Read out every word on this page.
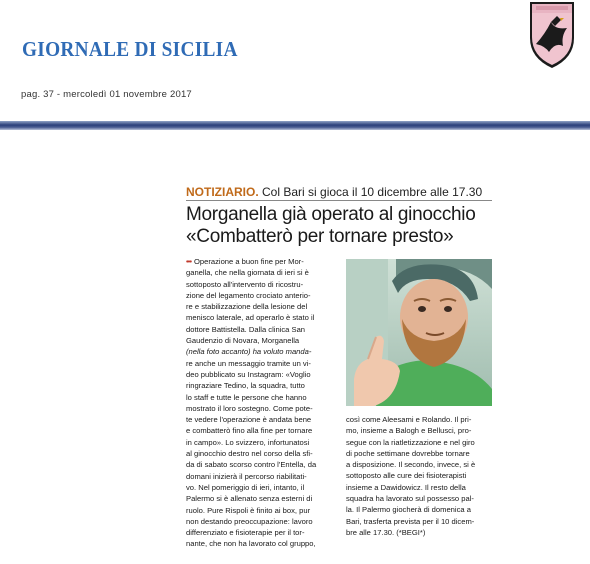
GIORNALE DI SICILIA
pag. 37 - mercoledì 01 novembre 2017
NOTIZIARIO. Col Bari si gioca il 10 dicembre alle 17.30
Morganella già operato al ginocchio
«Combatterò per tornare presto»
••• Operazione a buon fine per Mor-
ganella, che nella giornata di ieri si è
sottoposto all'intervento di ricostru-
zione del legamento crociato anterio-
re e stabilizzazione della lesione del
menisco laterale, ad operarlo è stato il
dottore Battistella. Dalla clinica San
Gaudenzio di Novara, Morganella
(nella foto accanto) ha voluto manda-
re anche un messaggio tramite un vi-
deo pubblicato su Instagram: «Voglio
ringraziare Tedino, la squadra, tutto
lo staff e tutte le persone che hanno
mostrato il loro sostegno. Come pote-
te vedere l'operazione è andata bene
e combatterò fino alla fine per tornare
in campo». Lo svizzero, infortunatosi
al ginocchio destro nel corso della sfi-
da di sabato scorso contro l'Entella, da
domani inizierà il percorso riabilitati-
vo. Nel pomeriggio di ieri, intanto, il
Palermo si è allenato senza esterni di
ruolo. Pure Rispoli è finito ai box, pur
non destando preoccupazione: lavoro
differenziato e fisioterapie per il tor-
nante, che non ha lavorato col gruppo,
così come Aleesami e Rolando. Il pri-
mo, insieme a Balogh e Bellusci, pro-
segue con la riatletizzazione e nel giro
di poche settimane dovrebbe tornare
a disposizione. Il secondo, invece, si è
sottoposto alle cure dei fisioterapisti
insieme a Dawidowicz. Il resto della
squadra ha lavorato sul possesso pal-
la. Il Palermo giocherà di domenica a
Bari, trasferta prevista per il 10 dicem-
bre alle 17.30. (*BEGI*)
